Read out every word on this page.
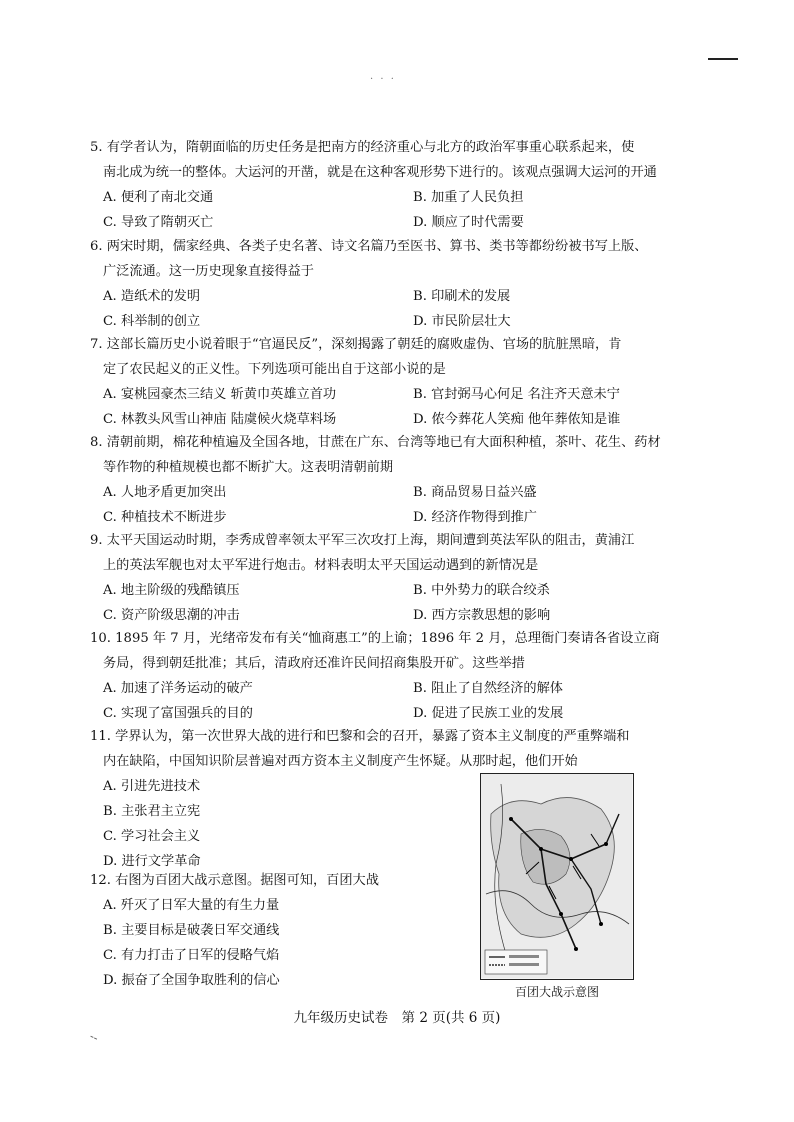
· · ·
5. 有学者认为，隋朝面临的历史任务是把南方的经济重心与北方的政治军事重心联系起来，使
南北成为统一的整体。大运河的开凿，就是在这种客观形势下进行的。该观点强调大运河的开通
A. 便利了南北交通	B. 加重了人民负担
C. 导致了隋朝灭亡	D. 顺应了时代需要
6. 两宋时期，儒家经典、各类子史名著、诗文名篇乃至医书、算书、类书等都纷纷被书写上版、
广泛流通。这一历史现象直接得益于
A. 造纸术的发明	B. 印刷术的发展
C. 科举制的创立	D. 市民阶层壮大
7. 这部长篇历史小说着眼于“官逼民反”，深刻揭露了朝廷的腐败虚伪、官场的肮脏黑暗，肯
定了农民起义的正义性。下列选项可能出自于这部小说的是
A. 宴桃园豪杰三结义 斩黄巾英雄立首功	B. 官封弼马心何足 名注齐天意未宁
C. 林教头风雪山神庙 陆虞候火烧草料场	D. 侬今葬花人笑痴 他年葬侬知是谁
8. 清朝前期，棉花种植遍及全国各地，甘蔗在广东、台湾等地已有大面积种植，茶叶、花生、药材
等作物的种植规模也都不断扩大。这表明清朝前期
A. 人地矛盾更加突出	B. 商品贸易日益兴盛
C. 种植技术不断进步	D. 经济作物得到推广
9. 太平天国运动时期，李秀成曾率领太平军三次攻打上海，期间遭到英法军队的阻击，黄浦江
上的英法军舰也对太平军进行炮击。材料表明太平天国运动遇到的新情况是
A. 地主阶级的残酷镇压	B. 中外势力的联合绞杀
C. 资产阶级思潮的冲击	D. 西方宗教思想的影响
10. 1895 年 7 月，光绪帝发布有关“恤商惠工”的上谕；1896 年 2 月，总理衙门奏请各省设立商
务局，得到朝廷批准；其后，清政府还准许民间招商集股开矿。这些举措
A. 加速了洋务运动的破产	B. 阻止了自然经济的解体
C. 实现了富国强兵的目的	D. 促进了民族工业的发展
11. 学界认为，第一次世界大战的进行和巴黎和会的召开，暴露了资本主义制度的严重弊端和
内在缺陷，中国知识阶层普遍对西方资本主义制度产生怀疑。从那时起，他们开始
A. 引进先进技术
B. 主张君主立宪
C. 学习社会主义
D. 进行文学革命
12. 右图为百团大战示意图。据图可知，百团大战
A. 歼灭了日军大量的有生力量
B. 主要目标是破袭日军交通线
C. 有力打击了日军的侵略气焰
D. 振奋了全国争取胜利的信心
百团大战示意图
九年级历史试卷　第 2 页(共 6 页)
‐‐
